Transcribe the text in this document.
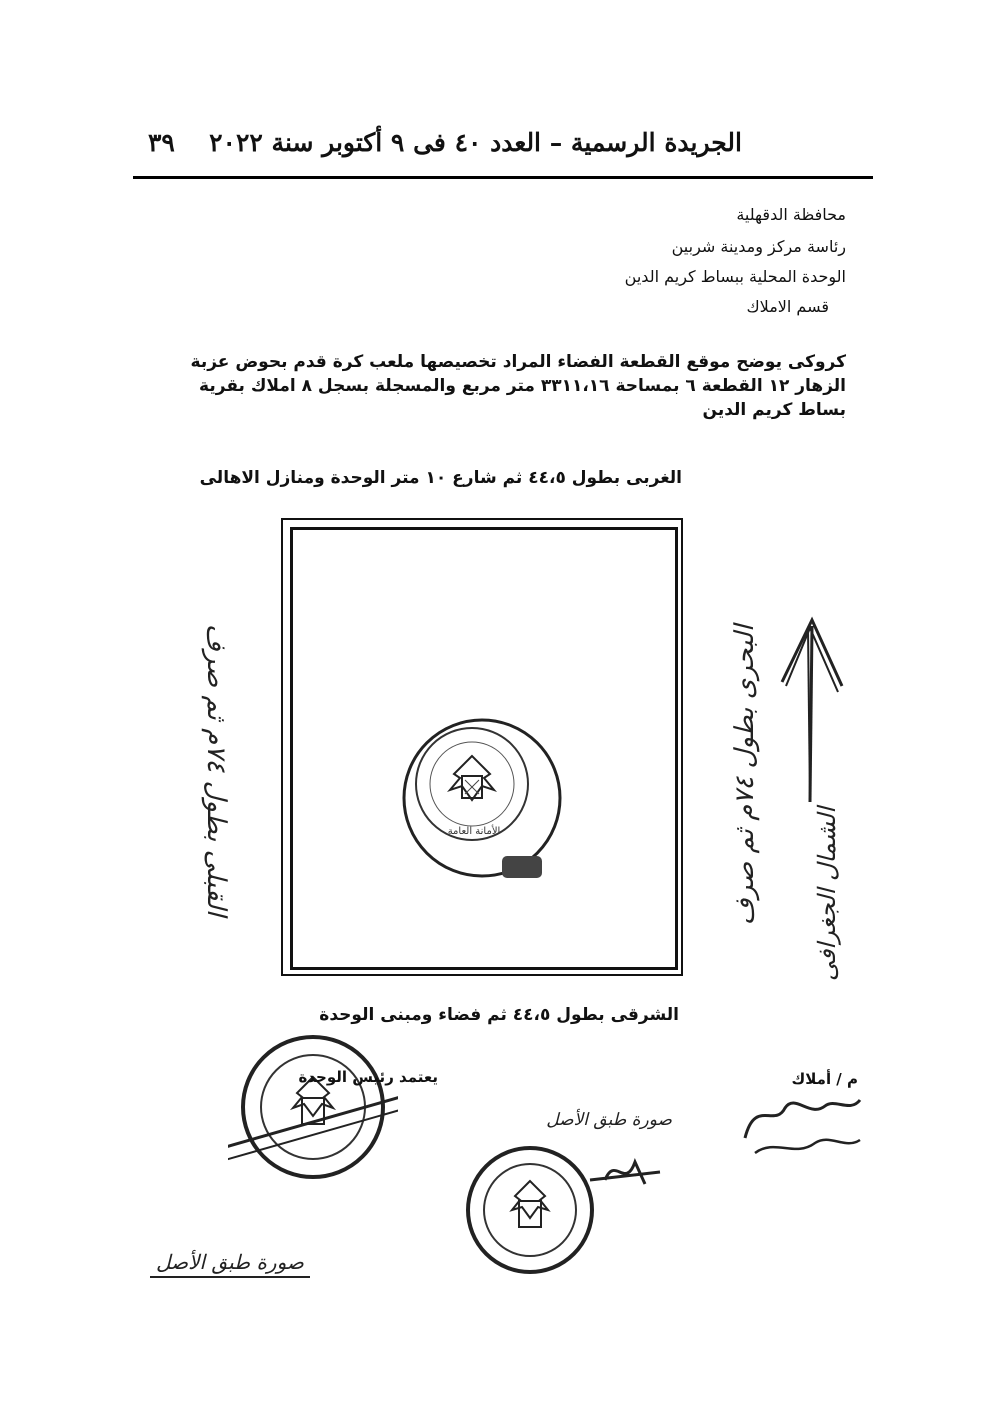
الجريدة الرسمية – العدد ٤٠ فى ٩ أكتوبر سنة ٢٠٢٢
٣٩
محافظة الدقهلية
رئاسة مركز ومدينة شربين
الوحدة المحلية ببساط كريم الدين
قسم الاملاك
كروكى يوضح موقع القطعة الفضاء المراد تخصيصها ملعب كرة قدم بحوض عزبة الزهار ١٢ القطعة ٦ بمساحة ٣٣١١،١٦ متر مربع والمسجلة بسجل ٨ املاك بقرية بساط كريم الدين
الغربى بطول ٤٤،٥ ثم شارع ١٠ متر الوحدة ومنازل الاهالى
الأمانة العامة
الشرقى بطول ٤٤،٥ ثم فضاء ومبنى الوحدة
القبلى بطول ٧٤م ثم صرف	البحرى بطول ٧٤م ثم صرف
الشمال الجغرافى
يعتمد رئيس الوحدة
صورة طبق الأصل
م / أملاك
صورة طبق الأصل
